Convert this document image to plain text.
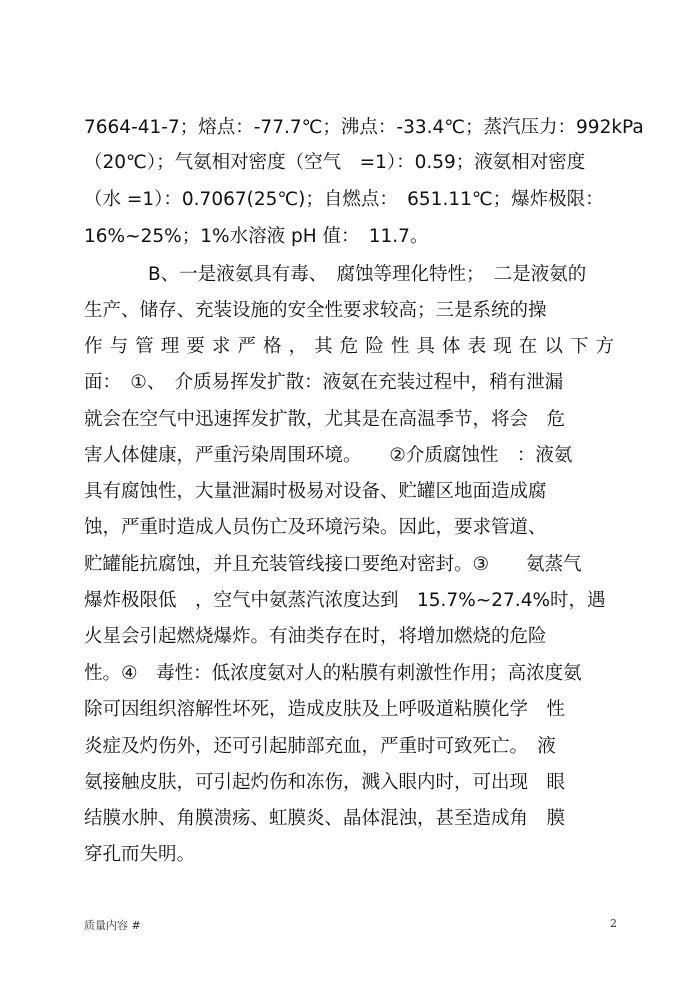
7664-41-7；熔点：-77.7℃；沸点：-33.4℃；蒸汽压力：992kPa
（20℃）；气氨相对密度（空气　=1）：0.59；液氨相对密度
（水 =1）：0.7067(25℃)；自燃点：　651.11℃；爆炸极限：
16%~25%；1%水溶液 pH 值：　11.7。
B、一是液氨具有毒、　腐蚀等理化特性；　二是液氨的
生产、储存、充装设施的安全性要求较高；三是系统的操
作与管理要求严格，其危险性具体表现在以下方
面：　①、　介质易挥发扩散：液氨在充装过程中，稍有泄漏
就会在空气中迅速挥发扩散，尤其是在高温季节，将会　危
害人体健康，严重污染周围环境。　　②介质腐蚀性　：液氨
具有腐蚀性，大量泄漏时极易对设备、贮罐区地面造成腐
蚀，严重时造成人员伤亡及环境污染。因此，要求管道、
贮罐能抗腐蚀，并且充装管线接口要绝对密封。③　　氨蒸气
爆炸极限低　，空气中氨蒸汽浓度达到　15.7%~27.4%时，遇
火星会引起燃烧爆炸。有油类存在时，将增加燃烧的危险
性。④　毒性：低浓度氨对人的粘膜有刺激性作用；高浓度氨
除可因组织溶解性坏死，造成皮肤及上呼吸道粘膜化学　性
炎症及灼伤外，还可引起肺部充血，严重时可致死亡。　液
氨接触皮肤，可引起灼伤和冻伤，溅入眼内时，可出现　眼
结膜水肿、角膜溃疡、虹膜炎、晶体混浊，甚至造成角　膜
穿孔而失明。
质量内容 #	2
